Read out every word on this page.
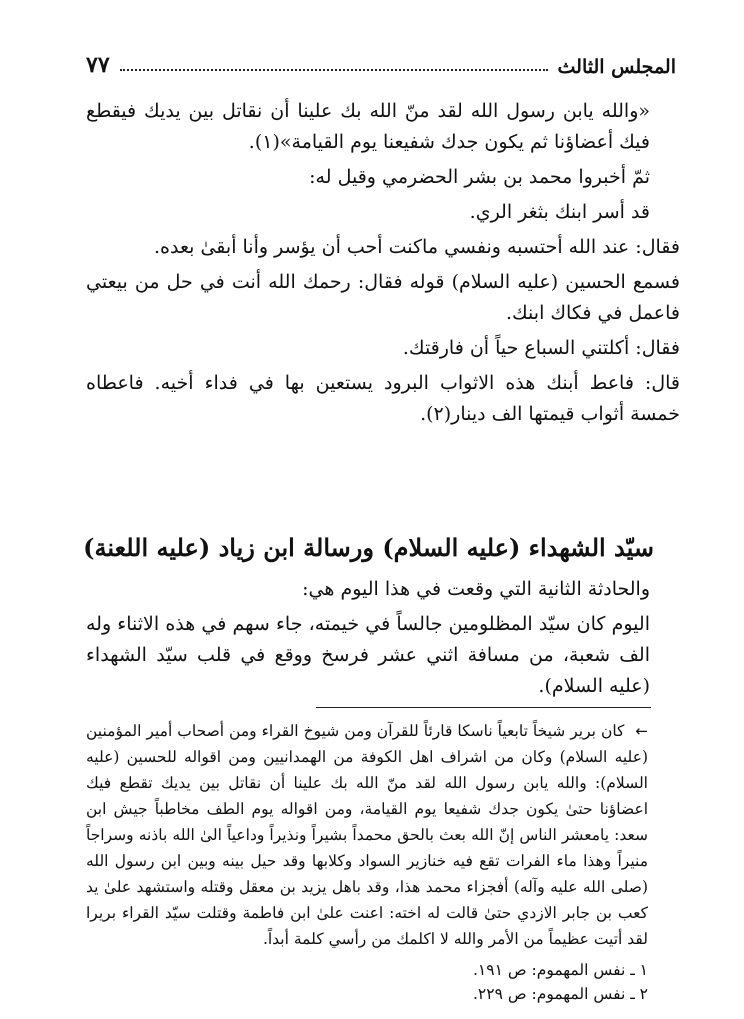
المجلس الثالث
٧٧

«والله يابن رسول الله لقد منّ الله بك علينا أن نقاتل بين يديك فيقطع فيك أعضاؤنا ثم يكون جدك شفيعنا يوم القيامة»(١).

ثمّ أخبروا محمد بن بشر الحضرمي وقيل له:

قد أسر ابنك بثغر الري.

فقال: عند الله أحتسبه ونفسي ماكنت أحب أن يؤسر وأنا أبقىٰ بعده.

فسمع الحسين (عليه السلام) قوله فقال: رحمك الله أنت في حل من بيعتي فاعمل في فكاك ابنك.

فقال: أكلتني السباع حياً أن فارقتك.

قال: فاعط أبنك هذه الاثواب البرود يستعين بها في فداء أخيه. فاعطاه خمسة أثواب قيمتها الف دينار(٢).

سيّد الشهداء (عليه السلام) ورسالة ابن زياد (عليه اللعنة)

والحادثة الثانية التي وقعت في هذا اليوم هي:

اليوم كان سيّد المظلومين جالساً في خيمته، جاء سهم في هذه الاثناء وله الف شعبة، من مسافة اثني عشر فرسخ ووقع في قلب سيّد الشهداء (عليه السلام).

← كان برير شيخاً تابعياً ناسكا قارئاً للقرآن ومن شيوخ القراء ومن أصحاب أمير المؤمنين (عليه السلام) وكان من اشراف اهل الكوفة من الهمدانيين ومن اقواله للحسين (عليه السلام): والله يابن رسول الله لقد منّ الله بك علينا أن نقاتل بين يديك تقطع فيك اعضاؤنا حتىٰ يكون جدك شفيعا يوم القيامة، ومن اقواله يوم الطف مخاطباً جيش ابن سعد: يامعشر الناس إنّ الله بعث بالحق محمداً بشيراً ونذيراً وداعياً الىٰ الله باذنه وسراجاً منيراً وهذا ماء الفرات تقع فيه خنازير السواد وكلابها وقد حيل بينه وبين ابن رسول الله (صلى الله عليه وآله) أفجزاء محمد هذا، وقد باهل يزيد بن معقل وقتله واستشهد علىٰ يد كعب بن جابر الازدي حتىٰ قالت له اخته: اعنت علىٰ ابن فاطمة وقتلت سيّد القراء بريرا لقد أتيت عظيماً من الأمر والله لا اكلمك من رأسي كلمة أبداً.

١ ـ نفس المهموم: ص ١٩١.

٢ ـ نفس المهموم: ص ٢٢٩.
